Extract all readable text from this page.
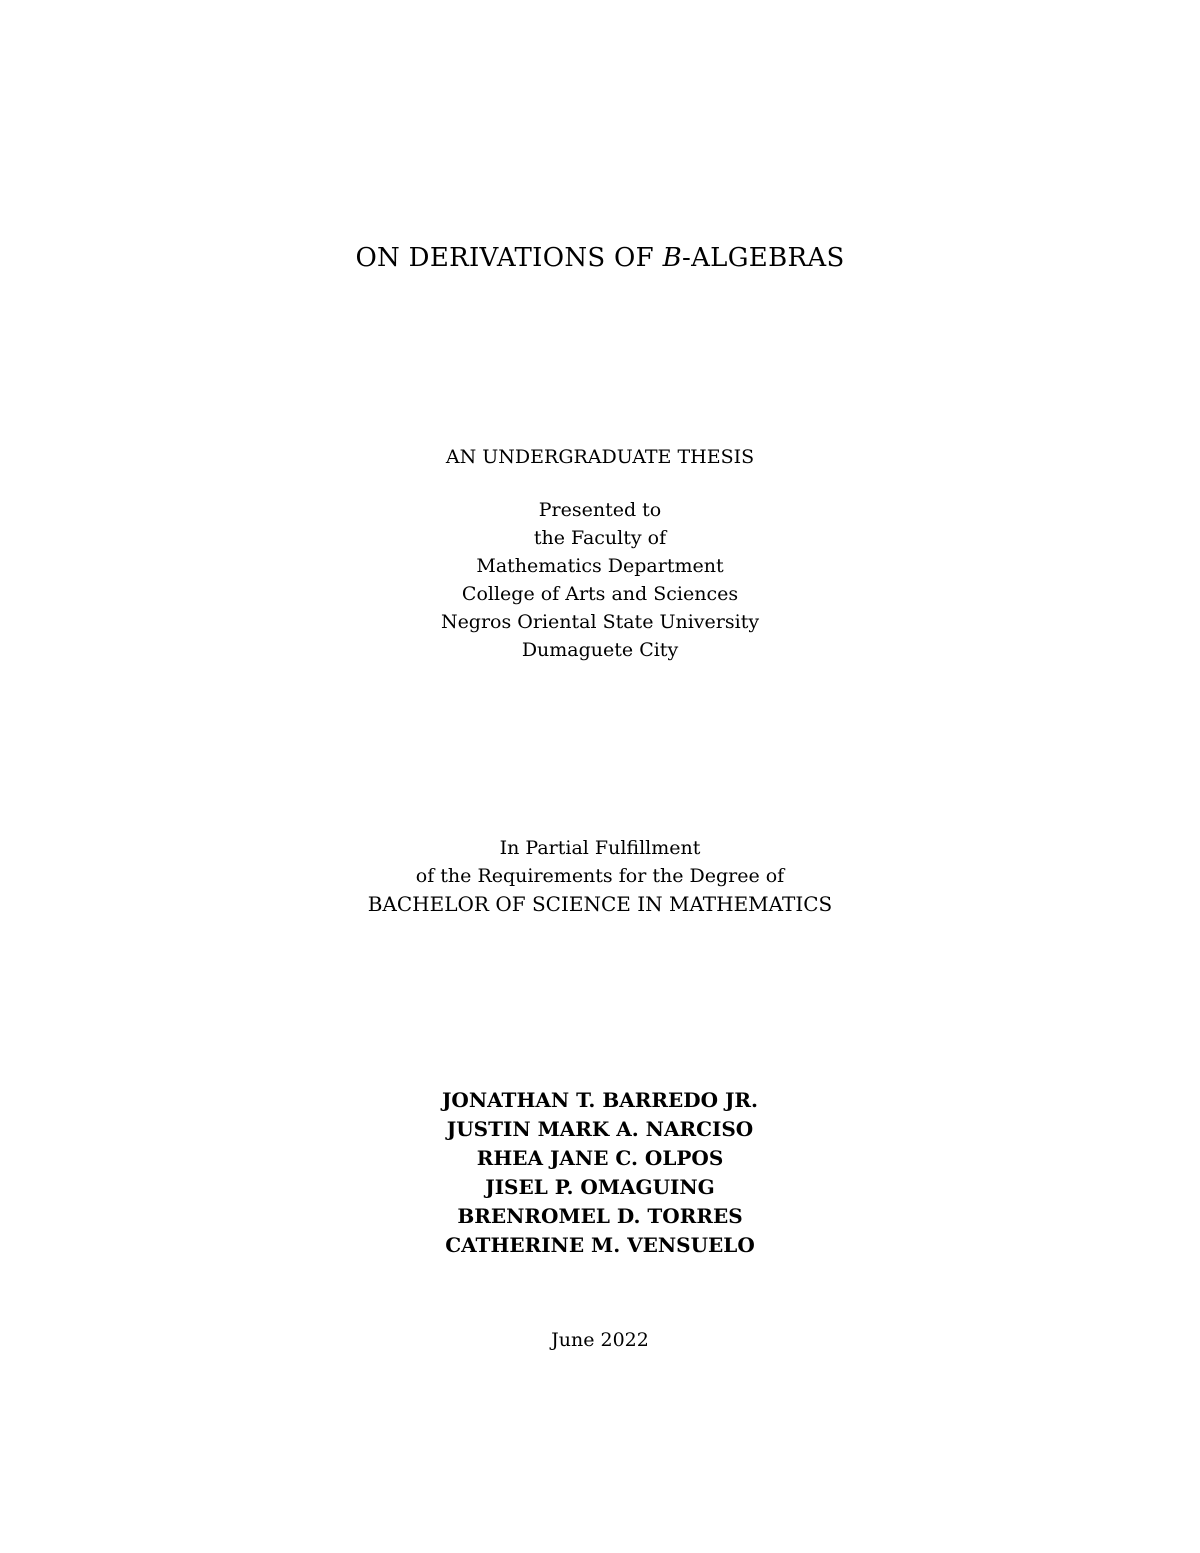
ON DERIVATIONS OF B-ALGEBRAS
AN UNDERGRADUATE THESIS
Presented to
the Faculty of
Mathematics Department
College of Arts and Sciences
Negros Oriental State University
Dumaguete City
In Partial Fulfillment
of the Requirements for the Degree of
BACHELOR OF SCIENCE IN MATHEMATICS
JONATHAN T. BARREDO JR.
JUSTIN MARK A. NARCISO
RHEA JANE C. OLPOS
JISEL P. OMAGUING
BRENROMEL D. TORRES
CATHERINE M. VENSUELO
June 2022
